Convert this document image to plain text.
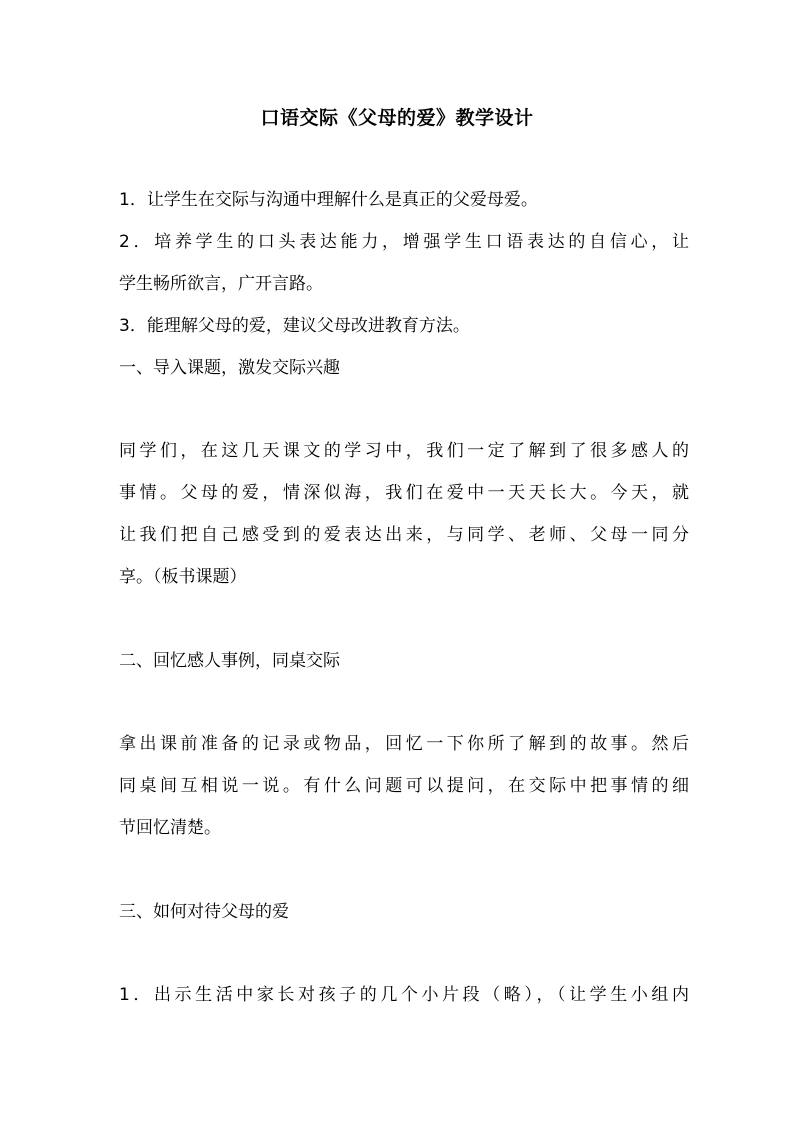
口语交际《父母的爱》教学设计
1．让学生在交际与沟通中理解什么是真正的父爱母爱。
2．培养学生的口头表达能力，增强学生口语表达的自信心，让
学生畅所欲言，广开言路。
3．能理解父母的爱，建议父母改进教育方法。
一、导入课题，激发交际兴趣
同学们，在这几天课文的学习中，我们一定了解到了很多感人的
事情。父母的爱，情深似海，我们在爱中一天天长大。今天，就
让我们把自己感受到的爱表达出来，与同学、老师、父母一同分
享。（板书课题）
二、回忆感人事例，同桌交际
拿出课前准备的记录或物品，回忆一下你所了解到的故事。然后
同桌间互相说一说。有什么问题可以提问，在交际中把事情的细
节回忆清楚。
三、如何对待父母的爱
1．出示生活中家长对孩子的几个小片段（略），（让学生小组内
